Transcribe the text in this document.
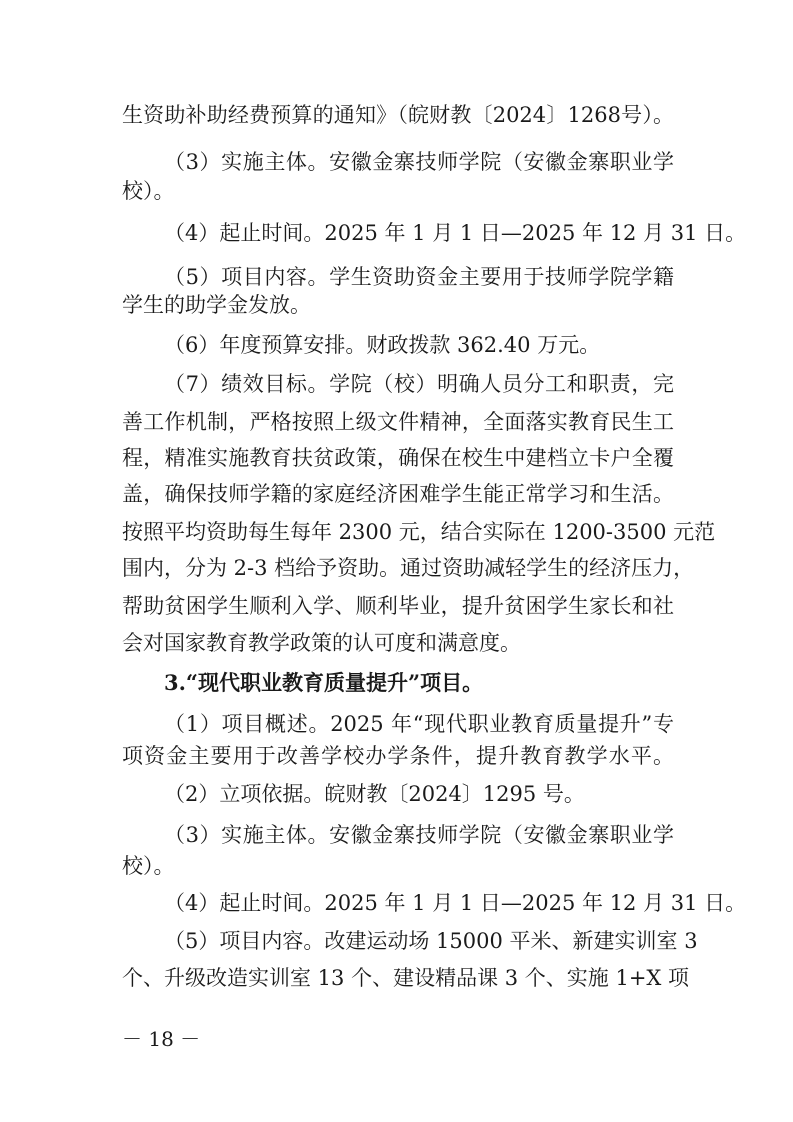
生资助补助经费预算的通知》（皖财教〔2024〕1268号）。
（3）实施主体。安徽金寨技师学院（安徽金寨职业学
校）。
（4）起止时间。2025 年 1 月 1 日—2025 年 12 月 31 日。
（5）项目内容。学生资助资金主要用于技师学院学籍
学生的助学金发放。
（6）年度预算安排。财政拨款 362.40 万元。
（7）绩效目标。学院（校）明确人员分工和职责，完
善工作机制，严格按照上级文件精神，全面落实教育民生工
程，精准实施教育扶贫政策，确保在校生中建档立卡户全覆
盖，确保技师学籍的家庭经济困难学生能正常学习和生活。
按照平均资助每生每年 2300 元，结合实际在 1200-3500 元范
围内，分为 2-3 档给予资助。通过资助减轻学生的经济压力，
帮助贫困学生顺利入学、顺利毕业，提升贫困学生家长和社
会对国家教育教学政策的认可度和满意度。
3.“现代职业教育质量提升”项目。
（1）项目概述。2025 年“现代职业教育质量提升”专
项资金主要用于改善学校办学条件，提升教育教学水平。
（2）立项依据。皖财教〔2024〕1295 号。
（3）实施主体。安徽金寨技师学院（安徽金寨职业学
校）。
（4）起止时间。2025 年 1 月 1 日—2025 年 12 月 31 日。
（5）项目内容。改建运动场 15000 平米、新建实训室 3
个、升级改造实训室 13 个、建设精品课 3 个、实施 1+X 项
－ 18 －
